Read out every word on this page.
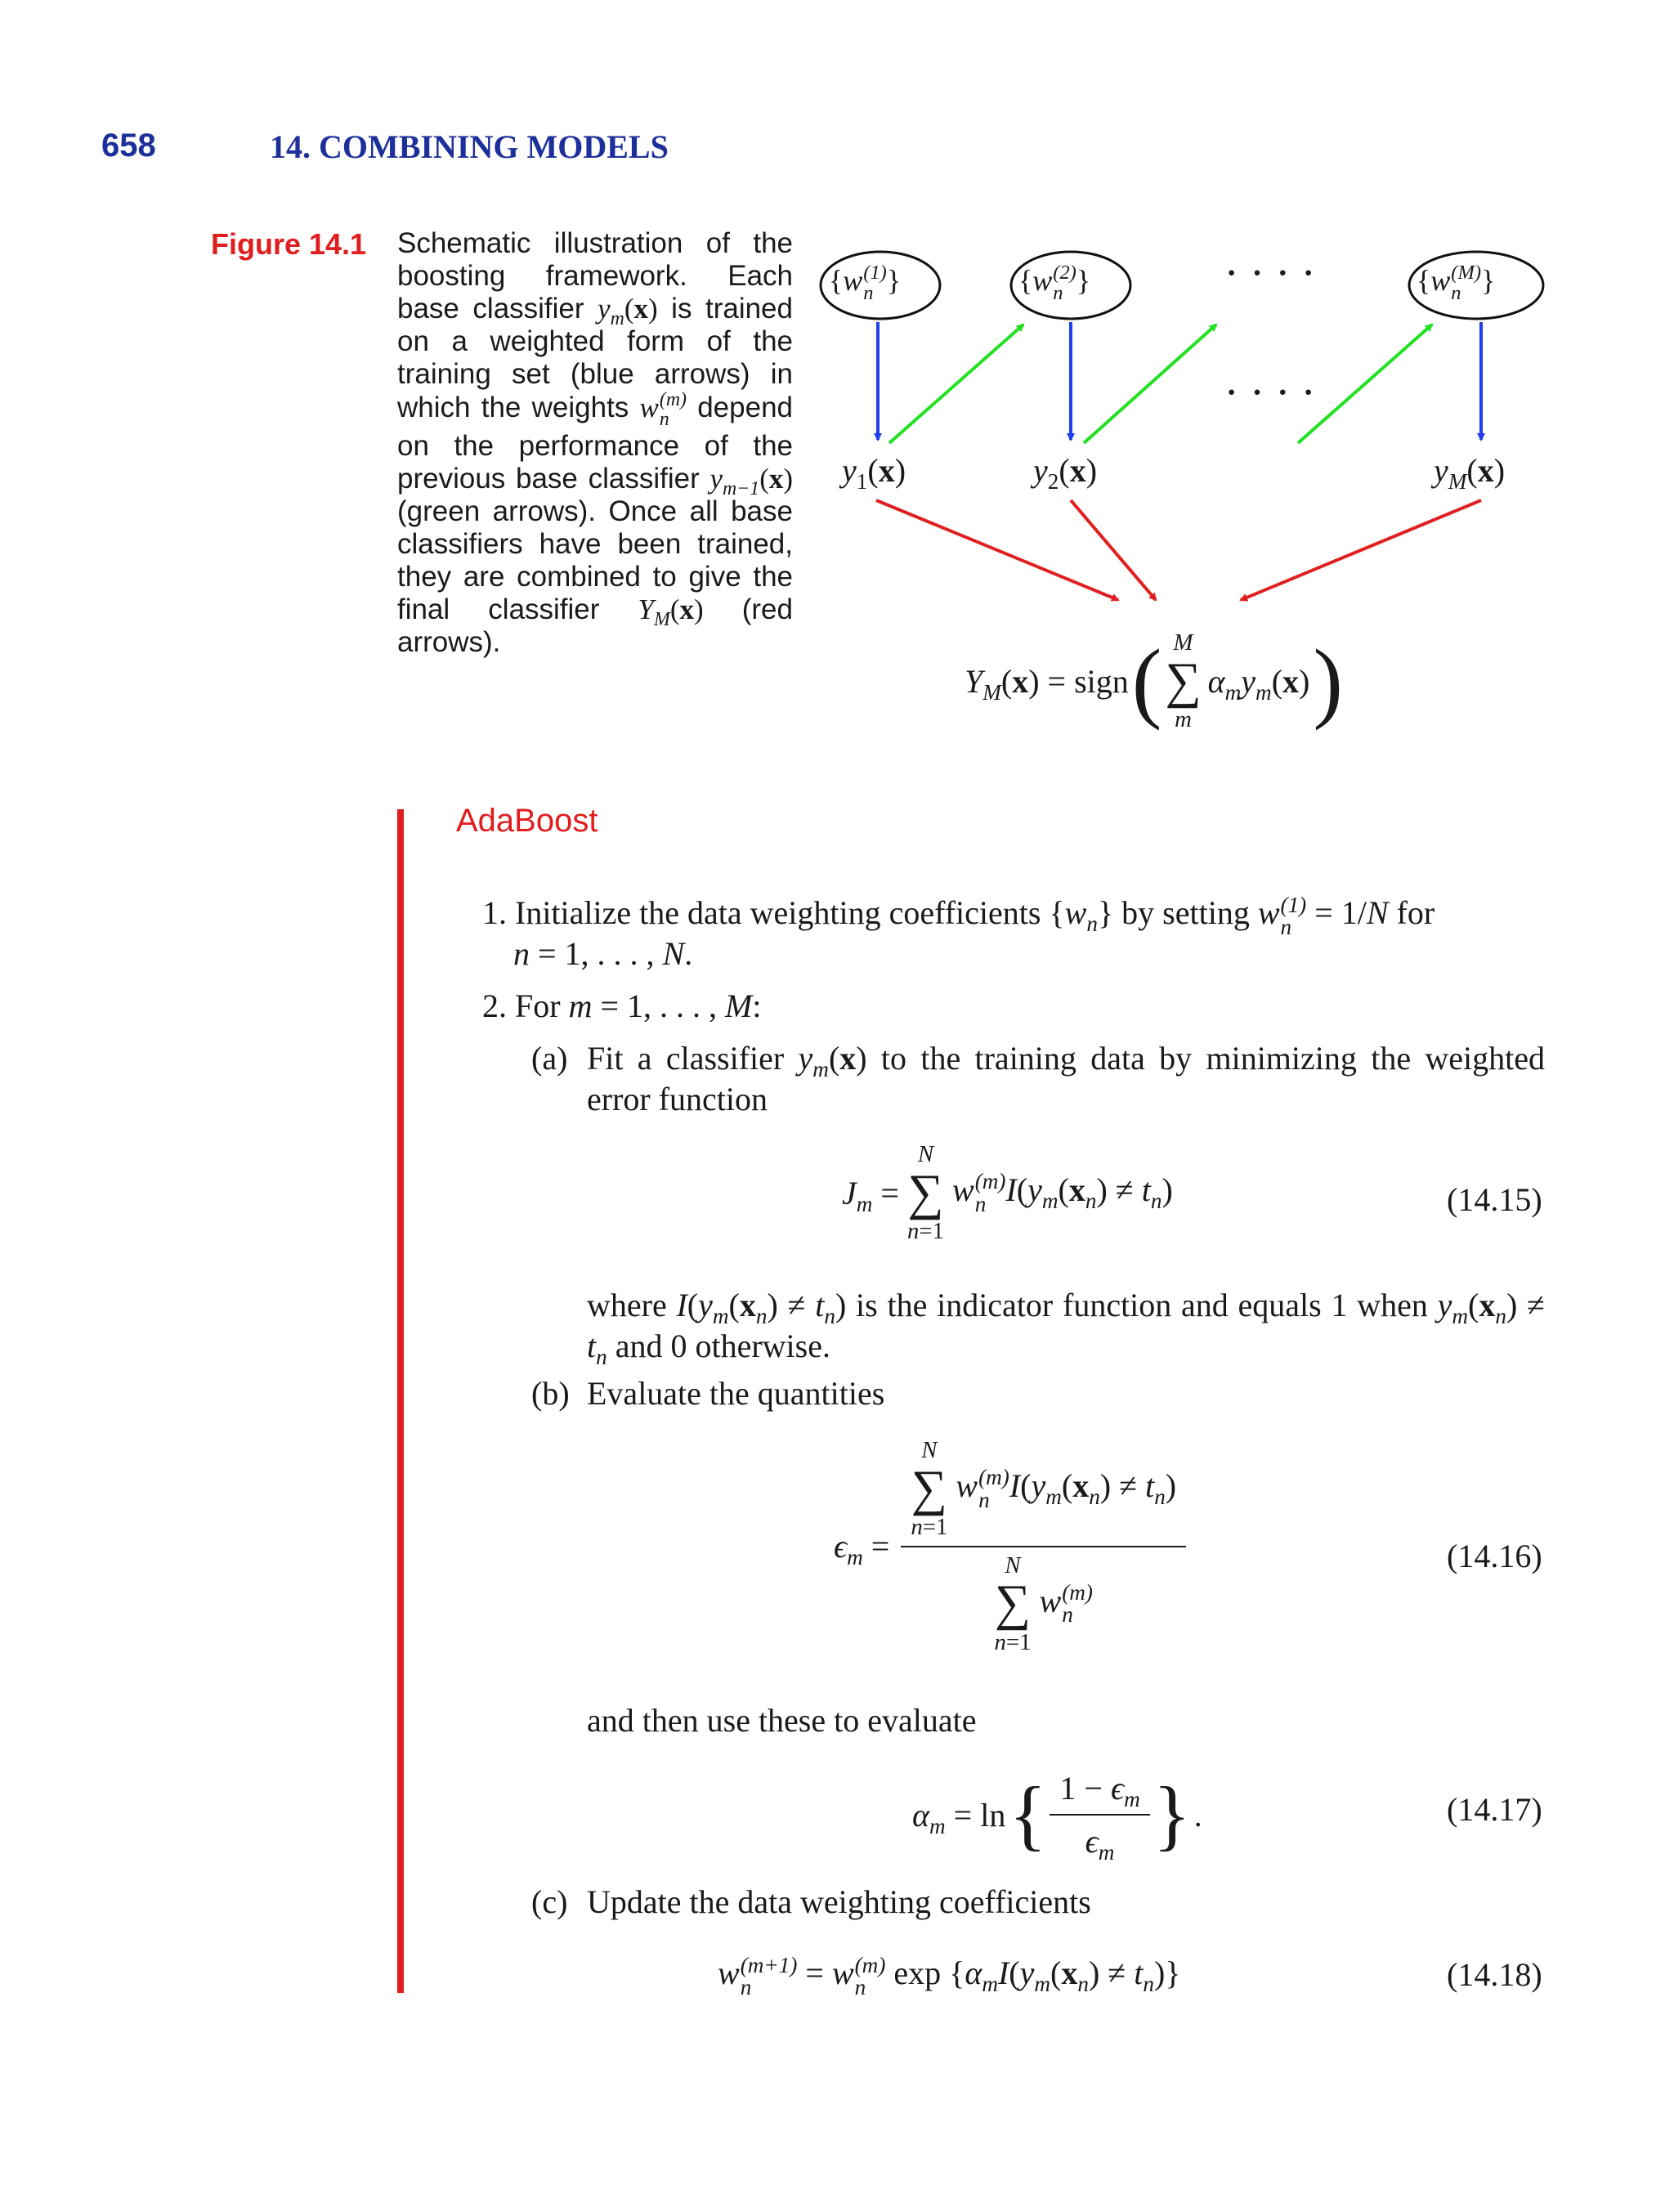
658	14. COMBINING MODELS
Figure 14.1 Schematic illustration of the boosting framework. Each base classifier $y_m(x)$ is trained on a weighted form of the training set (blue arrows) in which the weights w (m)
n depend on the performance of the previous base classifier $y_{m-1}(x)$ (green arrows). Once all base classifiers have been trained, they are combined to give the final classifier $Y_M(x)$ (red arrows).
· · · ·
· · · ·
{w (1)
n }	{w (2)
n }	{w (M)
n }
$y_1(x)$	$y_2(x)$	$y_M(x)$
$Y_M(x)$ = sign ( M
∑
m
$\alpha_my_m(x)$ )
AdaBoost
1. Initialize the data weighting coefficients $\{w_n\}$ by setting w (1)
n = 1/N for
n = 1, . . . , N.
2. For m = 1, . . . , M:
(a) Fit a classifier $y_m(x)$ to the training data by minimizing the weighted error function
$J_m$ =
N
∑
n=1
w (m)
n $I(y_m(x_n) \ne t_n)$	(14.15)
where $I(y_m(x_n) \ne t_n)$ is the indicator function and equals 1 when $y_m(x_n) \ne t_n$ and 0 otherwise.
(b) Evaluate the quantities
$\epsilon_m = N$
∑
n=1
w (m)
n $I(y_m(x_n) \ne t_n)$
N
∑
n=1
w (m)
n	(14.16)
and then use these to evaluate
$\alpha_m = \ln$ { $\frac{1 - \epsilon_m}{\epsilon_m}$ } .	(14.17)
(c) Update the data weighting coefficients
w (m+1)
n	= w (m)
n $\exp \{\alpha_mI(y_m(x_n) \ne t_n)\}$	(14.18)
